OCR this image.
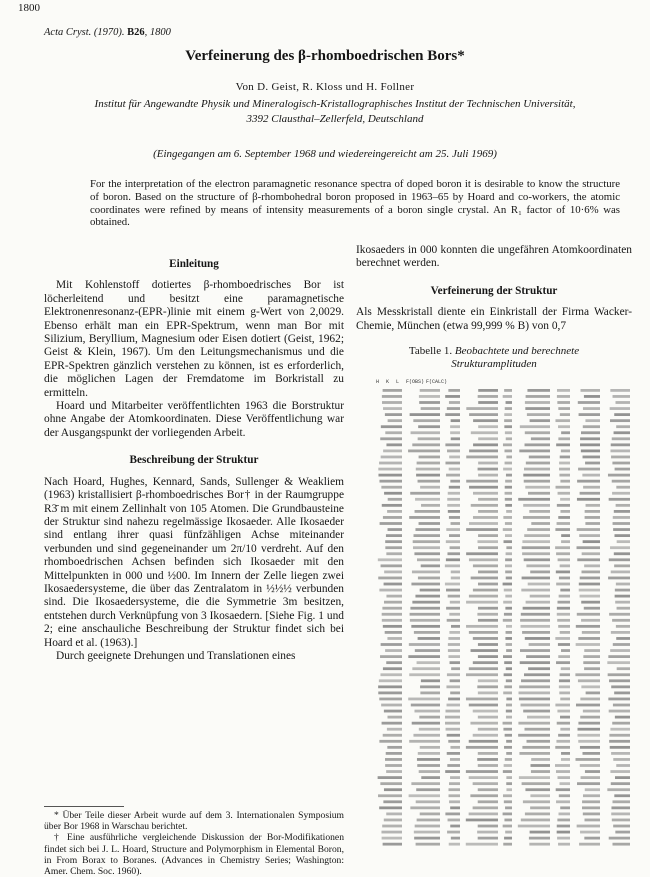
1800
Acta Cryst. (1970). B26, 1800
Verfeinerung des β-rhomboedrischen Bors*
Von D. Geist, R. Kloss und H. Follner
Institut für Angewandte Physik und Mineralogisch-Kristallographisches Institut der Technischen Universität,
3392 Clausthal–Zellerfeld, Deutschland
(Eingegangen am 6. September 1968 und wiedereingereicht am 25. Juli 1969)
For the interpretation of the electron paramagnetic resonance spectra of doped boron it is desirable to know the structure of boron. Based on the structure of β-rhombohedral boron proposed in 1963–65 by Hoard and co-workers, the atomic coordinates were refined by means of intensity measurements of a boron single crystal. An R₁ factor of 10·6% was obtained.
Einleitung

Mit Kohlenstoff dotiertes β-rhomboedrisches Bor ist löcherleitend und besitzt eine paramagnetische Elektronenresonanz-(EPR-)linie mit einem g-Wert von 2,0029. Ebenso erhält man ein EPR-Spektrum, wenn man Bor mit Silizium, Beryllium, Magnesium oder Eisen dotiert (Geist, 1962; Geist & Klein, 1967). Um den Leitungsmechanismus und die EPR-Spektren gänzlich verstehen zu können, ist es erforderlich, die möglichen Lagen der Fremdatome im Borkristall zu ermitteln.

Hoard und Mitarbeiter veröffentlichten 1963 die Borstruktur ohne Angabe der Atomkoordinaten. Diese Veröffentlichung war der Ausgangspunkt der vorliegenden Arbeit.

Beschreibung der Struktur

Nach Hoard, Hughes, Kennard, Sands, Sullenger & Weakliem (1963) kristallisiert β-rhomboedrisches Bor† in der Raumgruppe R3̄ m mit einem Zellinhalt von 105 Atomen. Die Grundbausteine der Struktur sind nahezu regelmässige Ikosaeder. Alle Ikosaeder sind entlang ihrer quasi fünfzähligen Achse miteinander verbunden und sind gegeneinander um 2π/10 verdreht. Auf den rhomboedrischen Achsen befinden sich Ikosaeder mit den Mittelpunkten in 000 und ½00. Im Innern der Zelle liegen zwei Ikosaedersysteme, die über das Zentralatom in ½½½ verbunden sind. Die Ikosaedersysteme, die die Symmetrie 3m besitzen, entstehen durch Verknüpfung von 3 Ikosaedern. [Siehe Fig. 1 und 2; eine anschauliche Beschreibung der Struktur findet sich bei Hoard et al. (1963).]

Durch geeignete Drehungen und Translationen eines

* Über Teile dieser Arbeit wurde auf dem 3. Internationalen Symposium über Bor 1968 in Warschau berichtet.

† Eine ausführliche vergleichende Diskussion der Bor-Modifikationen findet sich bei J. L. Hoard, Structure and Polymorphism in Elemental Boron, in From Borax to Boranes. (Advances in Chemistry Series; Washington: Amer. Chem. Soc. 1960).

Ikosaeders in 000 konnten die ungefähren Atomkoordinaten berechnet werden.

Verfeinerung der Struktur

Als Messkristall diente ein Einkristall der Firma Wacker-Chemie, München (etwa 99,999 % B) von 0,7

Tabelle 1. Beobachtete und berechnete
Strukturamplituden
H K L F(OBS) F(CALC)
